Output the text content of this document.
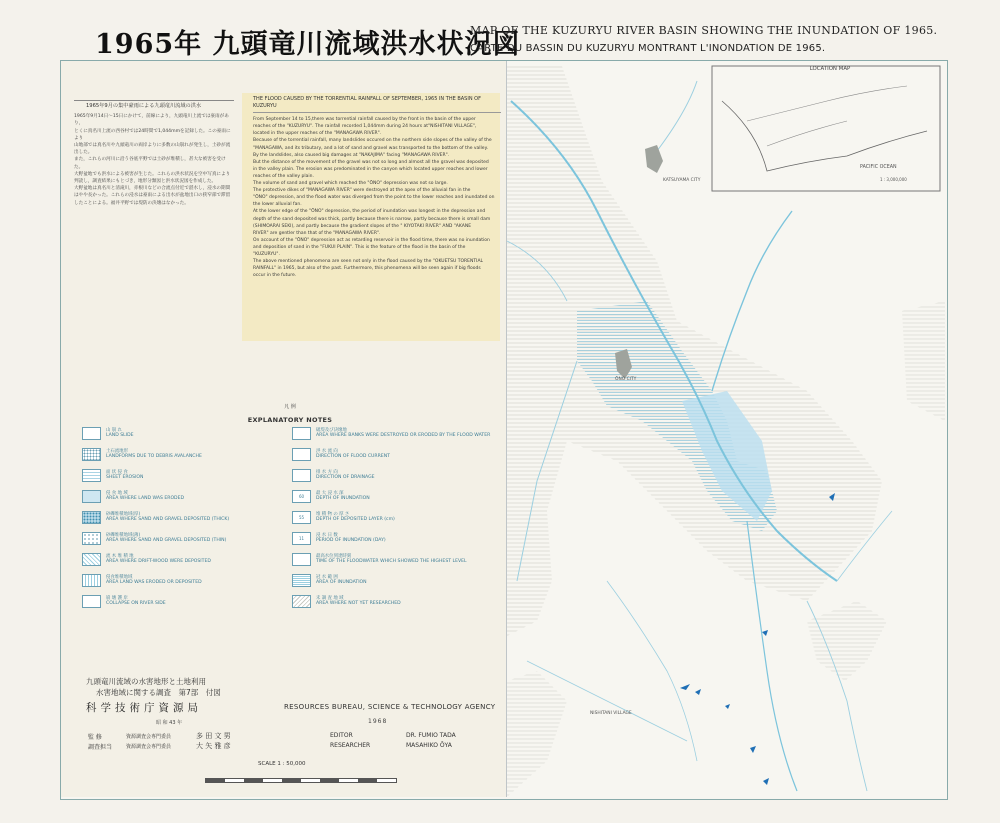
1965年 九頭竜川流域洪水状況図
MAP OF THE KUZURYU RIVER BASIN SHOWING THE INUNDATION OF 1965.
CARTE DU BASSIN DU KUZURYU MONTRANT L'INONDATION DE 1965.
1965年9月の集中豪雨による九頭竜川流域の洪水

1965年9月14日〜15日にかけて，前線により，九頭竜川上流では豪雨があり，

とくに真名川上流の西谷村では24時間で1,044mmを記録した。この豪雨により

山地部では真名川や九頭竜川の両岸よりに多数の山崩れが発生し，土砂が流出した。

また，これらの河川に沿う谷底平野では土砂が堆積し，甚大な被害を受けた。

大野盆地でも洪水による被害が生じた。これらの洪水状況を空中写真により

判読し，調査結果にもとづき，地形分類図と洪水状況図を作成した。

大野盆地は真名川と清滝川，赤根川などの合流点付近で湛水し，浸水の期間

はやや長かった。これらの浸水は豪雨による出水が盆地出口の狭窄部で滞留

したことによる。福井平野では堤防の決壊はなかった。

THE FLOOD CAUSED BY THE TORRENTIAL RAINFALL OF SEPTEMBER, 1965 IN THE BASIN OF KUZURYU

From September 14 to 15,there was torrential rainfall caused by the front in the basin of the upper

reaches of the "KUZURYU". The rainfall recorded 1,044mm during 24 hours at"NISHITANI VILLAGE",

located in the upper reaches of the "MANAGAWA RIVER".

Because of the torrential rainfall, many landslides occured on the northern side slopes of the valley of the

"MANAGAWA, and its tributary, and a lot of sand and gravel was transported to the bottom of the valley.

By the landslides, also caused big damages at "NAKAJIMA" facing "MANAGAWA RIVER".

But the distance of the movement of the gravel was not so long and almost all the gravel was deposited

in the valley plain. The erosion was predominated in the canyon which located upper reaches and lower

reaches of the valley plain.

The volume of sand and gravel which reached the "ŌNO" depression was not so large.

The protective dikes of "MANAGAWA RIVER" were destroyed at the apex of the alluvial fan in the

"ŌNO" depression, and the flood water was diverged from the point to the lower reaches and inundated on

the lower alluvial fan.

At the lower edge of the "ŌNO" depression, the period of inundation was longest in the depression and

depth of the sand deposited was thick, partly because there is narrow, partly because there is small dam

(SHIMOARAI SEKI), and partly because the gradient slopes of the " KIYOTAKI RIVER" AND "AKANE

RIVER" are gentler than that of the "MANAGAWA RIVER".

On account of the "ŌNO" depression act as retarding reservoir in the flood time, there was no inundation

and deposition of sand in the "FUKUI PLAIN". This is the feature of the flood in the basin of the

"KUZURYU".

The above mentioned phenomena are seen not only in the flood caused by the "OKUETSU TORENTIAL

RAINFALL" in 1965, but also of the past. Furthermore, this phenomena will be seen again if big floods

occur in the future.

凡 例
EXPLANATORY NOTES
山 崩 れ
LAND SLIDE
土石流地形
LANDFORMS DUE TO DEBRIS AVALANCHE
面 状 侵 食
SHEET EROSION
侵 食 地 域
AREA WHERE LAND WAS ERODED
砂礫堆積地域(厚)
AREA WHERE SAND AND GRAVEL DEPOSITED (THICK)
砂礫堆積地域(薄)
AREA WHERE SAND AND GRAVEL DEPOSITED (THIN)
流 木 堆 積 地
AREA WHERE DRIFT-WOOD WERE DEPOSITED
侵食堆積地域
AREA LAND WAS ERODED OR DEPOSITED
崩 壊 護 岸
COLLAPSE ON RIVER SIDE
破堤及び決壊地
AREA WHERE BANKS WERE DESTROYED OR ERODED BY THE FLOOD WATER
洪 水 流 向
DIRECTION OF FLOOD CURRENT
排 水 方 向
DIRECTION OF DRAINAGE
60
最 大 浸 水 深
DEPTH OF INUNDATION
55
堆 積 物 の 厚 さ
DEPTH OF DEPOSITED LAYER (cm)
11
浸 水 日 数
PERIOD OF INUNDATION (DAY)
最高水位到達時刻
TIME OF THE FLOODWATER WHICH SHOWED THE HIGHEST LEVEL
冠 水 範 囲
AREA OF INUNDATION
未 調 査 地 域
AREA WHERE NOT YET RESEARCHED
九頭竜川流域の水害地形と土地利用
水害地域に関する調査　第7部　付図
科学技術庁資源局	RESOURCES BUREAU, SCIENCE & TECHNOLOGY AGENCY
昭 和 43 年	1968
監 修	資源調査会専門委員	多 田 文 男	EDITOR	DR. FUMIO TADA
調査担当	資源調査会専門委員	大 矢 雅 彦	RESEARCHER	MASAHIKO ŌYA
SCALE 1 : 50,000
LOCATION MAP
1 : 3,000,000
KATSUYAMA CITY
ŌNO CITY
NISHITANI VILLAGE
PACIFIC OCEAN
